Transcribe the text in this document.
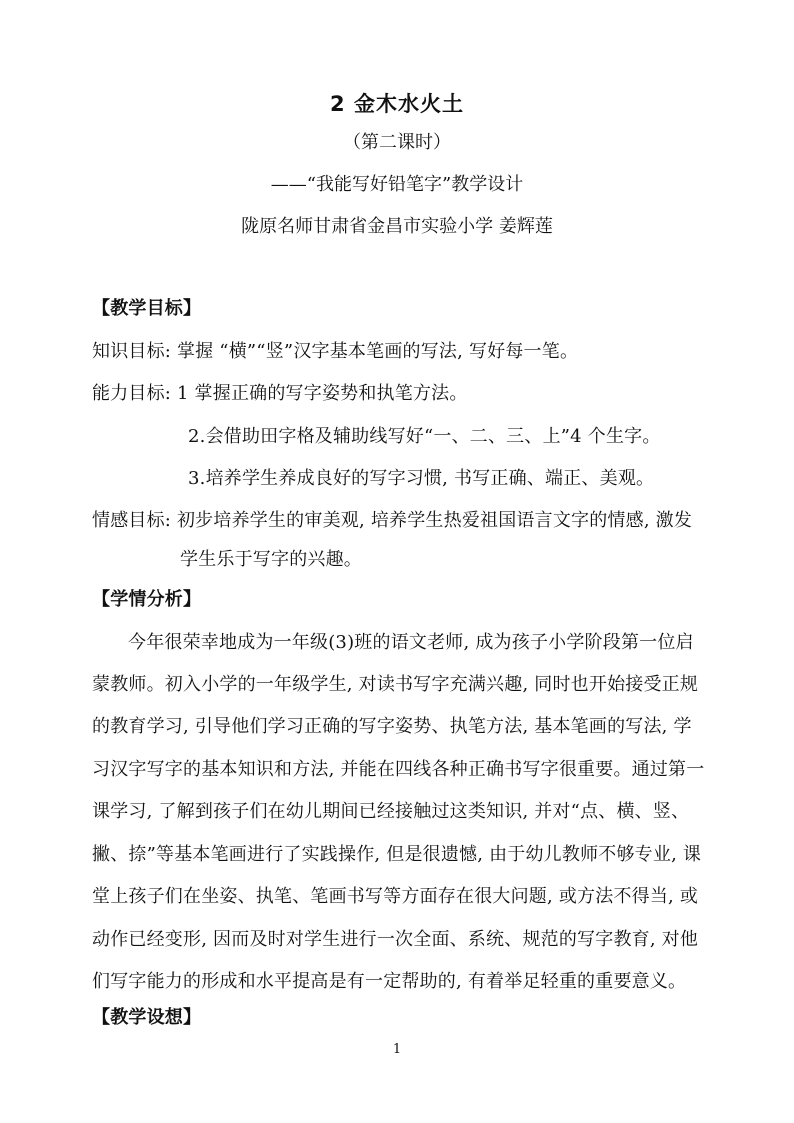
2 金木水火土
（第二课时）
——“我能写好铅笔字”教学设计
陇原名师甘肃省金昌市实验小学 姜辉莲
【教学目标】
知识目标: 掌握 “横”“竖”汉字基本笔画的写法, 写好每一笔。
能力目标: 1 掌握正确的写字姿势和执笔方法。
2.会借助田字格及辅助线写好“一、二、三、上”4 个生字。
3.培养学生养成良好的写字习惯, 书写正确、端正、美观。
情感目标: 初步培养学生的审美观, 培养学生热爱祖国语言文字的情感, 激发
学生乐于写字的兴趣。
【学情分析】
今年很荣幸地成为一年级(3)班的语文老师, 成为孩子小学阶段第一位启
蒙教师。初入小学的一年级学生, 对读书写字充满兴趣, 同时也开始接受正规
的教育学习, 引导他们学习正确的写字姿势、执笔方法, 基本笔画的写法, 学
习汉字写字的基本知识和方法, 并能在四线各种正确书写字很重要。通过第一
课学习, 了解到孩子们在幼儿期间已经接触过这类知识, 并对“点、横、竖、
撇、捺”等基本笔画进行了实践操作, 但是很遗憾, 由于幼儿教师不够专业, 课
堂上孩子们在坐姿、执笔、笔画书写等方面存在很大问题, 或方法不得当, 或
动作已经变形, 因而及时对学生进行一次全面、系统、规范的写字教育, 对他
们写字能力的形成和水平提高是有一定帮助的, 有着举足轻重的重要意义。
【教学设想】
1
